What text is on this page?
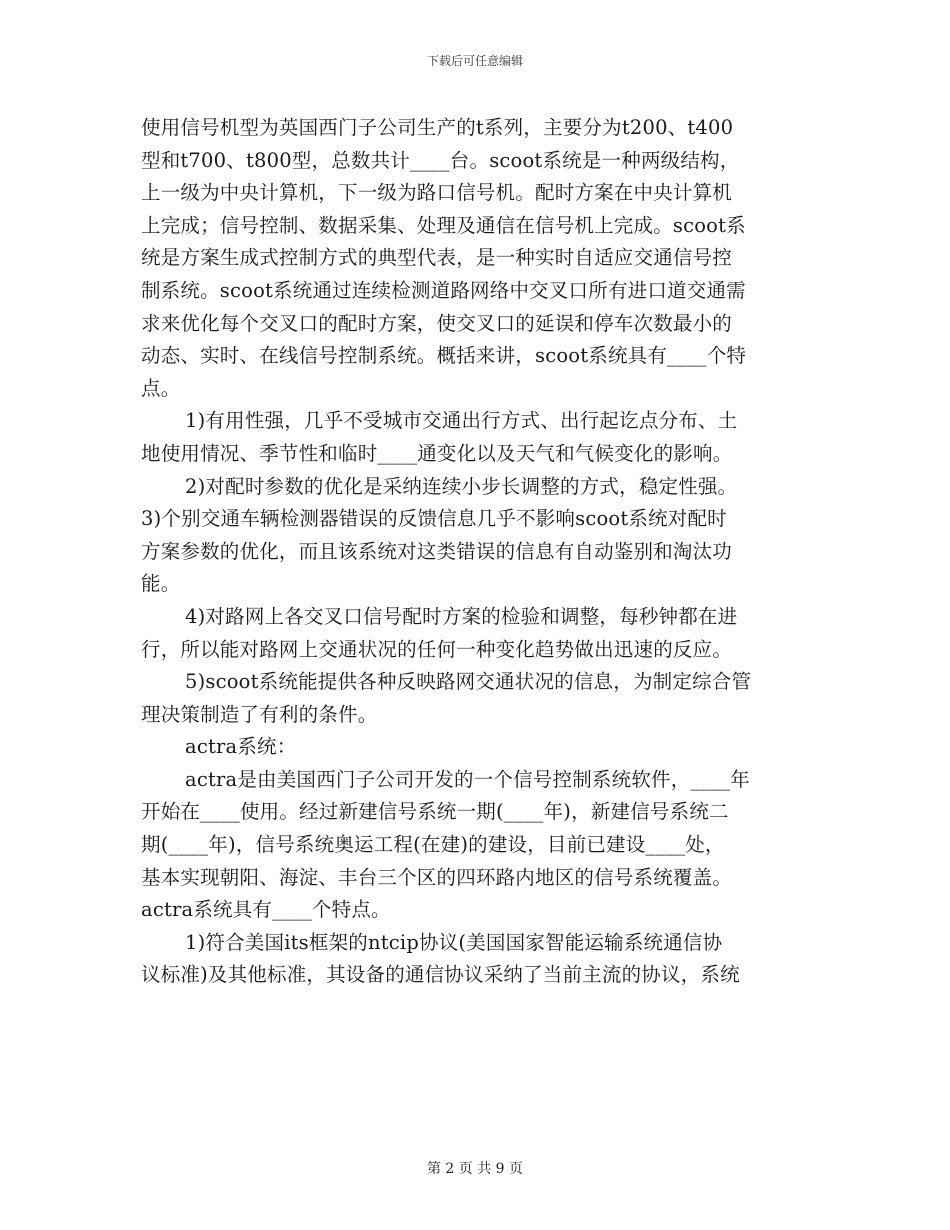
下载后可任意编辑
使用信号机型为英国西门子公司生产的t系列，主要分为t200、t400
型和t700、t800型，总数共计____台。scoot系统是一种两级结构，
上一级为中央计算机，下一级为路口信号机。配时方案在中央计算机
上完成；信号控制、数据采集、处理及通信在信号机上完成。scoot系
统是方案生成式控制方式的典型代表，是一种实时自适应交通信号控
制系统。scoot系统通过连续检测道路网络中交叉口所有进口道交通需
求来优化每个交叉口的配时方案，使交叉口的延误和停车次数最小的
动态、实时、在线信号控制系统。概括来讲，scoot系统具有____个特
点。
1)有用性强，几乎不受城市交通出行方式、出行起讫点分布、土
地使用情况、季节性和临时____通变化以及天气和气候变化的影响。
2)对配时参数的优化是采纳连续小步长调整的方式，稳定性强。
3)个别交通车辆检测器错误的反馈信息几乎不影响scoot系统对配时
方案参数的优化，而且该系统对这类错误的信息有自动鉴别和淘汰功
能。
4)对路网上各交叉口信号配时方案的检验和调整，每秒钟都在进
行，所以能对路网上交通状况的任何一种变化趋势做出迅速的反应。
5)scoot系统能提供各种反映路网交通状况的信息，为制定综合管
理决策制造了有利的条件。
actra系统：
actra是由美国西门子公司开发的一个信号控制系统软件，____年
开始在____使用。经过新建信号系统一期(____年)，新建信号系统二
期(____年)，信号系统奥运工程(在建)的建设，目前已建设____处，
基本实现朝阳、海淀、丰台三个区的四环路内地区的信号系统覆盖。
actra系统具有____个特点。
1)符合美国its框架的ntcip协议(美国国家智能运输系统通信协
议标准)及其他标准，其设备的通信协议采纳了当前主流的协议，系统
第 2 页 共 9 页
